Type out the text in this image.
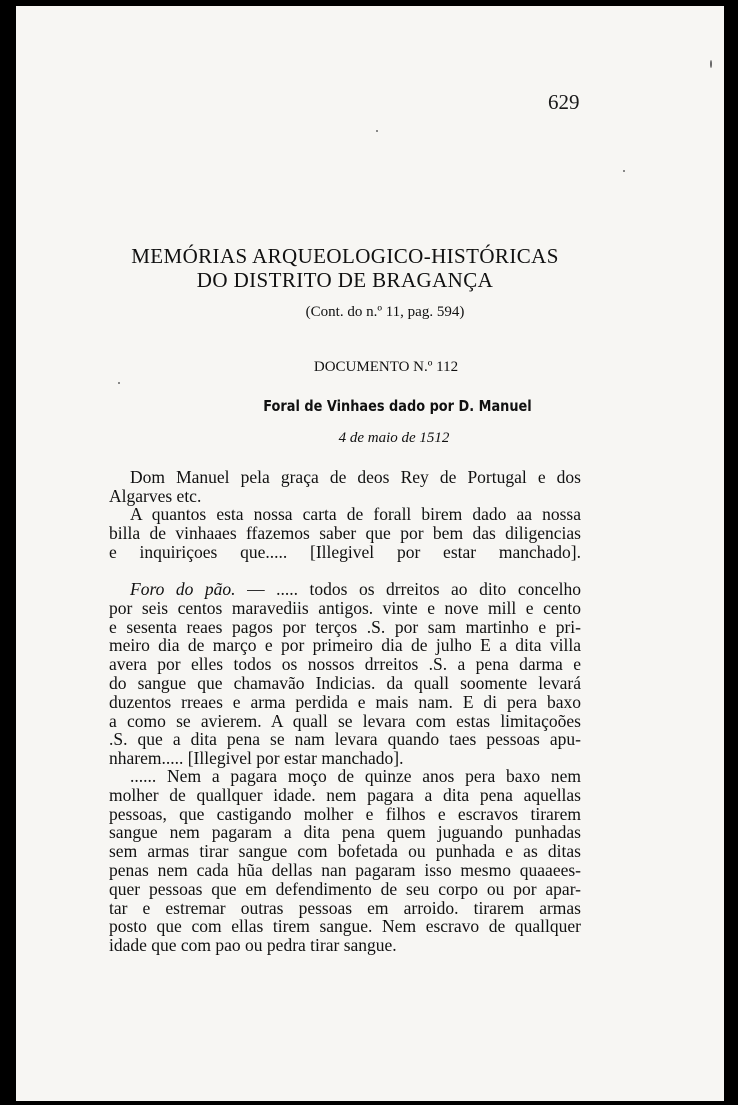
629
MEMÓRIAS ARQUEOLOGICO-HISTÓRICAS
DO DISTRITO DE BRAGANÇA
(Cont. do n.º 11, pag. 594)
DOCUMENTO N.º 112
Foral de Vinhaes dado por D. Manuel
4 de maio de 1512
Dom Manuel pela graça de deos Rey de Portugal e dos
Algarves etc.
A quantos esta nossa carta de forall birem dado aa nossa
billa de vinhaaes ffazemos saber que por bem das diligencias
e inquiriçoes que..... [Illegivel por estar manchado].
Foro do pão. — ..... todos os drreitos ao dito concelho
por seis centos maravediis antigos. vinte e nove mill e cento
e sesenta reaes pagos por terços .S. por sam martinho e pri-
meiro dia de março e por primeiro dia de julho E a dita villa
avera por elles todos os nossos drreitos .S. a pena darma e
do sangue que chamavão Indicias. da quall soomente levará
duzentos rreaes e arma perdida e mais nam. E di pera baxo
a como se avierem. A quall se levara com estas limitaçoões
.S. que a dita pena se nam levara quando taes pessoas apu-
nharem..... [Illegivel por estar manchado].
...... Nem a pagara moço de quinze anos pera baxo nem
molher de quallquer idade. nem pagara a dita pena aquellas
pessoas, que castigando molher e filhos e escravos tirarem
sangue nem pagaram a dita pena quem juguando punhadas
sem armas tirar sangue com bofetada ou punhada e as ditas
penas nem cada hũa dellas nan pagaram isso mesmo quaaees-
quer pessoas que em defendimento de seu corpo ou por apar-
tar e estremar outras pessoas em arroido. tirarem armas
posto que com ellas tirem sangue. Nem escravo de quallquer
idade que com pao ou pedra tirar sangue.
